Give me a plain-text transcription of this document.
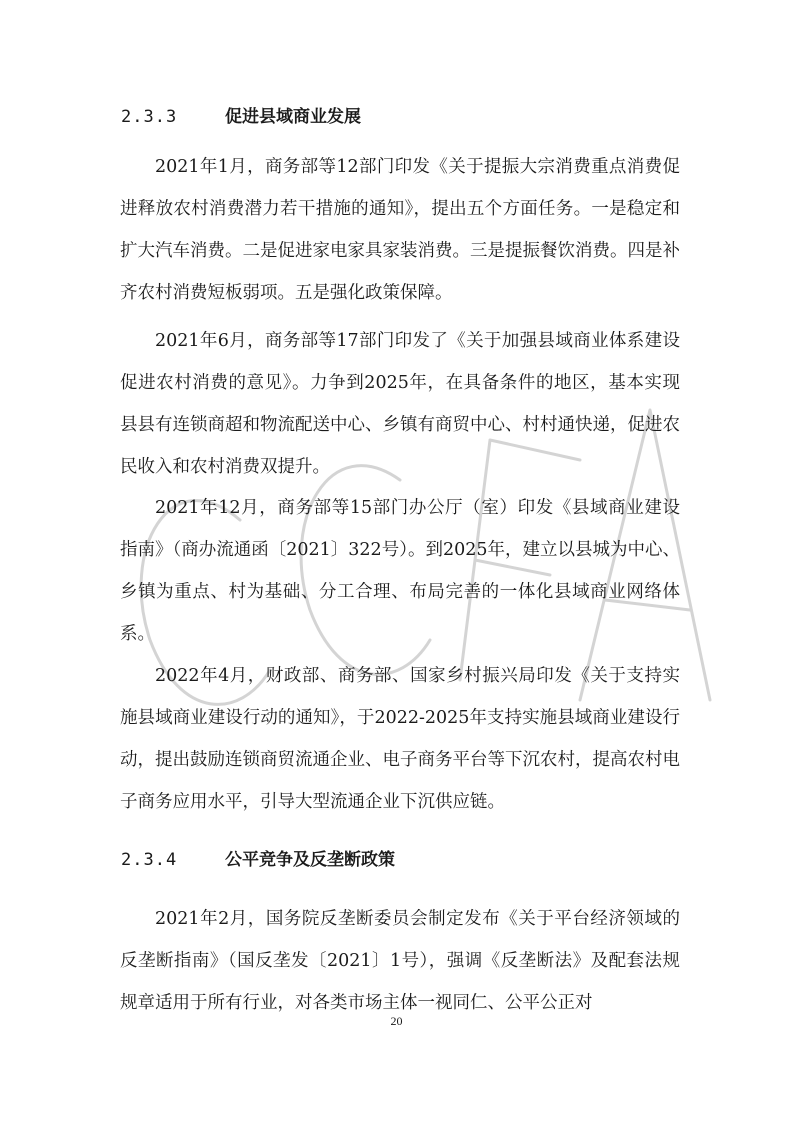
2.3.3	促进县域商业发展

2021年1月，商务部等12部门印发《关于提振大宗消费重点消费促进释放农村消费潜力若干措施的通知》，提出五个方面任务。一是稳定和扩大汽车消费。二是促进家电家具家装消费。三是提振餐饮消费。四是补齐农村消费短板弱项。五是强化政策保障。

2021年6月，商务部等17部门印发了《关于加强县域商业体系建设 促进农村消费的意见》。力争到2025年，在具备条件的地区，基本实现县县有连锁商超和物流配送中心、乡镇有商贸中心、村村通快递，促进农民收入和农村消费双提升。

2021年12月，商务部等15部门办公厅（室）印发《县域商业建设指南》（商办流通函〔2021〕322号）。到2025年，建立以县城为中心、乡镇为重点、村为基础、分工合理、布局完善的一体化县域商业网络体系。

2022年4月，财政部、商务部、国家乡村振兴局印发《关于支持实施县域商业建设行动的通知》，于2022-2025年支持实施县域商业建设行动，提出鼓励连锁商贸流通企业、电子商务平台等下沉农村，提高农村电子商务应用水平，引导大型流通企业下沉供应链。

2.3.4	公平竞争及反垄断政策

2021年2月，国务院反垄断委员会制定发布《关于平台经济领域的反垄断指南》（国反垄发〔2021〕1号），强调《反垄断法》及配套法规规章适用于所有行业，对各类市场主体一视同仁、公平公正对

20
